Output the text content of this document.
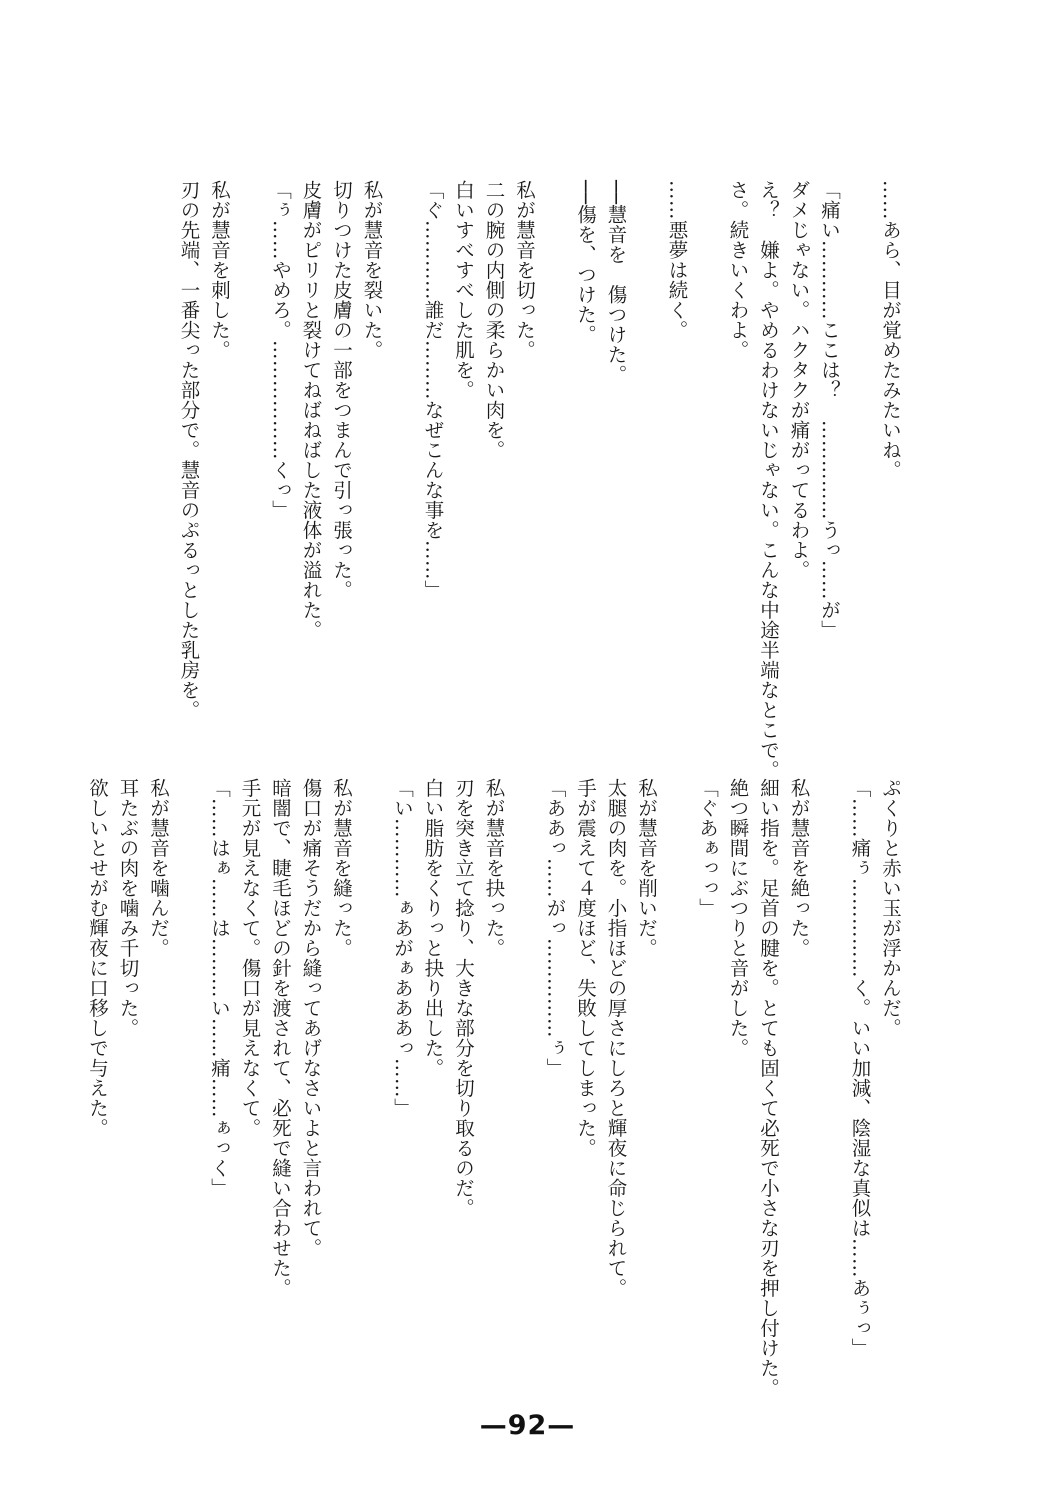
……あら、目が覚めたみたいね。
「痛い…………ここは？　……………うっ……が」
ダメじゃない。ハクタクが痛がってるわよ。
え？　嫌よ。やめるわけないじゃない。こんな中途半端なとこで。
さ。続きいくわよ。
……悪夢は続く。
──慧音を　傷つけた。
──傷を、つけた。
私が慧音を切った。
二の腕の内側の柔らかい肉を。
白いすべすべした肌を。
「ぐ…………誰だ………なぜこんな事を……」
私が慧音を裂いた。
切りつけた皮膚の一部をつまんで引っ張った。
皮膚がピリリと裂けてねばねばした液体が溢れた。
「ぅ……やめろ。………………くっ」
私が慧音を刺した。
刃の先端、一番尖った部分で。慧音のぷるっとした乳房を。
ぷくりと赤い玉が浮かんだ。
「……痛ぅ……………く。いい加減、陰湿な真似は……あぅっ」
私が慧音を絶った。
細い指を。足首の腱を。とても固くて必死で小さな刃を押し付けた。
絶つ瞬間にぶつりと音がした。
「ぐあぁっっ」
私が慧音を削いだ。
太腿の肉を。小指ほどの厚さにしろと輝夜に命じられて。
手が震えて４度ほど、失敗してしまった。
「ああっ……がっ……………ぅ」
私が慧音を抉った。
刃を突き立て捻り、大きな部分を切り取るのだ。
白い脂肪をくりっと抉り出した。
「い…………ぁあがぁあああっ……」
私が慧音を縫った。
傷口が痛そうだから縫ってあげなさいよと言われて。
暗闇で、睫毛ほどの針を渡されて、必死で縫い合わせた。
手元が見えなくて。傷口が見えなくて。
「……はぁ……は………い……痛……ぁっく」
私が慧音を噛んだ。
耳たぶの肉を噛み千切った。
欲しいとせがむ輝夜に口移しで与えた。
—92—
